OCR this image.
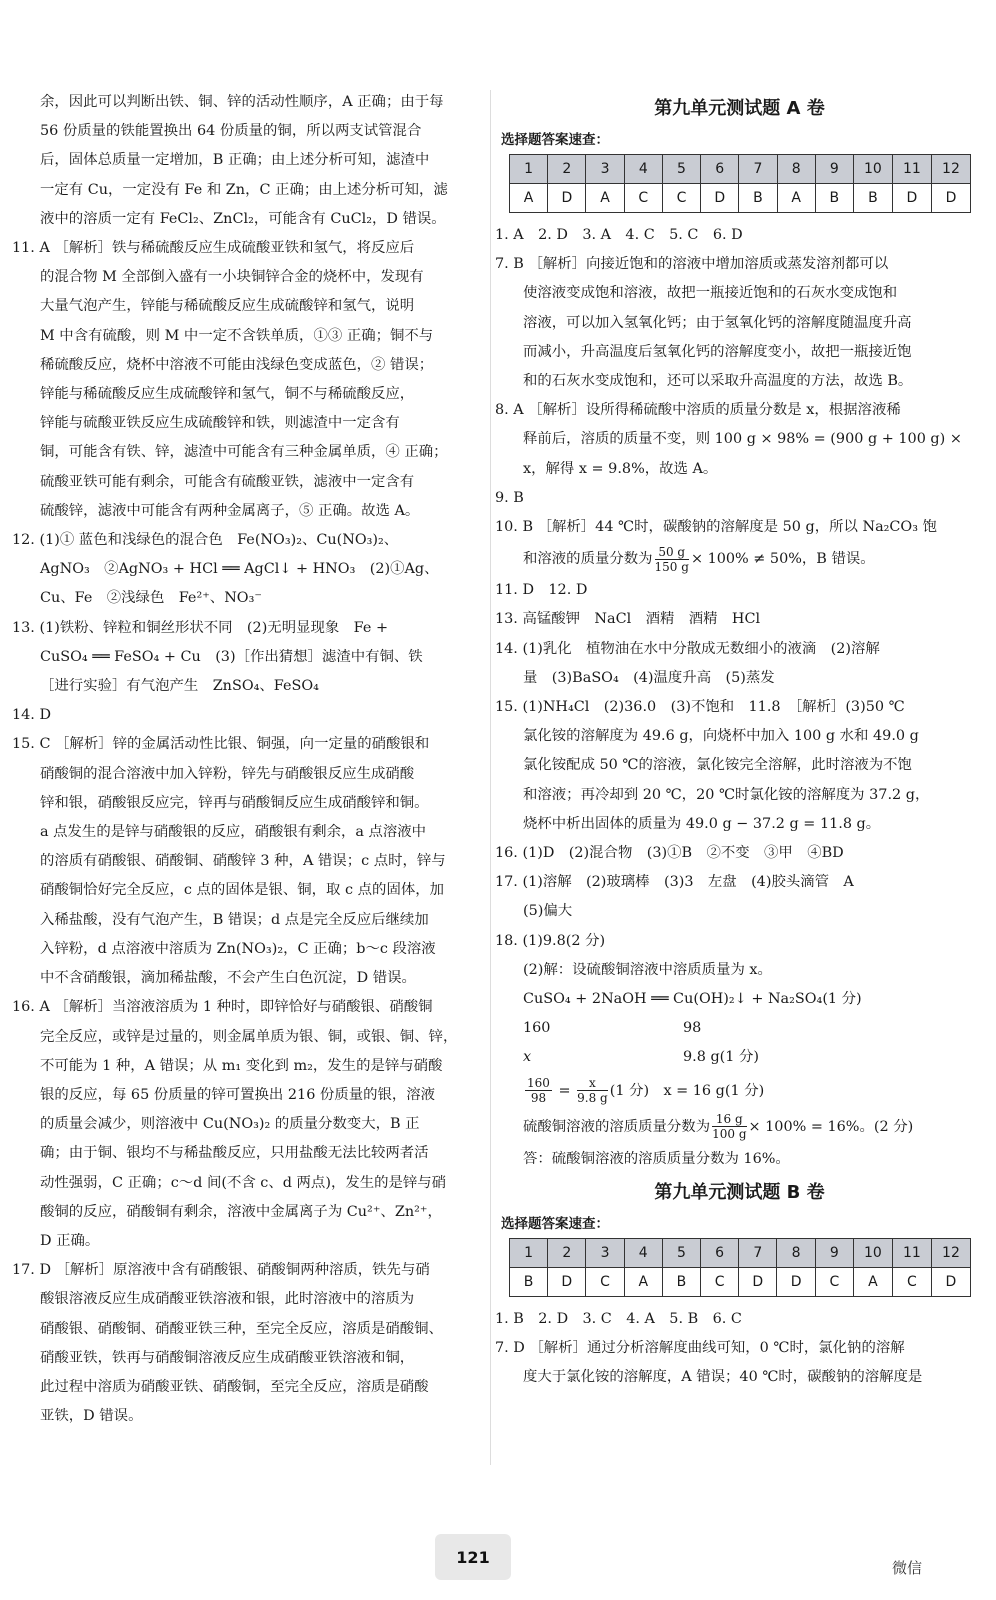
余，因此可以判断出铁、铜、锌的活动性顺序，A 正确；由于每

56 份质量的铁能置换出 64 份质量的铜，所以两支试管混合

后，固体总质量一定增加，B 正确；由上述分析可知，滤渣中

一定有 Cu，一定没有 Fe 和 Zn，C 正确；由上述分析可知，滤

液中的溶质一定有 FeCl₂、ZnCl₂，可能含有 CuCl₂，D 错误。

11. A ［解析］铁与稀硫酸反应生成硫酸亚铁和氢气，将反应后

的混合物 M 全部倒入盛有一小块铜锌合金的烧杯中，发现有

大量气泡产生，锌能与稀硫酸反应生成硫酸锌和氢气，说明

M 中含有硫酸，则 M 中一定不含铁单质，①③ 正确；铜不与

稀硫酸反应，烧杯中溶液不可能由浅绿色变成蓝色，② 错误；

锌能与稀硫酸反应生成硫酸锌和氢气，铜不与稀硫酸反应，

锌能与硫酸亚铁反应生成硫酸锌和铁，则滤渣中一定含有

铜，可能含有铁、锌，滤渣中可能含有三种金属单质，④ 正确；

硫酸亚铁可能有剩余，可能含有硫酸亚铁，滤液中一定含有

硫酸锌，滤液中可能含有两种金属离子，⑤ 正确。故选 A。

12. (1)① 蓝色和浅绿色的混合色　Fe(NO₃)₂、Cu(NO₃)₂、

AgNO₃　②AgNO₃ + HCl ══ AgCl↓ + HNO₃　(2)①Ag、

Cu、Fe　②浅绿色　Fe²⁺、NO₃⁻

13. (1)铁粉、锌粒和铜丝形状不同　(2)无明显现象　Fe +

CuSO₄ ══ FeSO₄ + Cu　(3)［作出猜想］滤渣中有铜、铁

［进行实验］有气泡产生　ZnSO₄、FeSO₄

14. D

15. C ［解析］锌的金属活动性比银、铜强，向一定量的硝酸银和

硝酸铜的混合溶液中加入锌粉，锌先与硝酸银反应生成硝酸

锌和银，硝酸银反应完，锌再与硝酸铜反应生成硝酸锌和铜。

a 点发生的是锌与硝酸银的反应，硝酸银有剩余，a 点溶液中

的溶质有硝酸银、硝酸铜、硝酸锌 3 种，A 错误；c 点时，锌与

硝酸铜恰好完全反应，c 点的固体是银、铜，取 c 点的固体，加

入稀盐酸，没有气泡产生，B 错误；d 点是完全反应后继续加

入锌粉，d 点溶液中溶质为 Zn(NO₃)₂，C 正确；b～c 段溶液

中不含硝酸银，滴加稀盐酸，不会产生白色沉淀，D 错误。

16. A ［解析］当溶液溶质为 1 种时，即锌恰好与硝酸银、硝酸铜

完全反应，或锌是过量的，则金属单质为银、铜，或银、铜、锌，

不可能为 1 种，A 错误；从 m₁ 变化到 m₂，发生的是锌与硝酸

银的反应，每 65 份质量的锌可置换出 216 份质量的银，溶液

的质量会减少，则溶液中 Cu(NO₃)₂ 的质量分数变大，B 正

确；由于铜、银均不与稀盐酸反应，只用盐酸无法比较两者活

动性强弱，C 正确；c～d 间(不含 c、d 两点)，发生的是锌与硝

酸铜的反应，硝酸铜有剩余，溶液中金属离子为 Cu²⁺、Zn²⁺，

D 正确。

17. D ［解析］原溶液中含有硝酸银、硝酸铜两种溶质，铁先与硝

酸银溶液反应生成硝酸亚铁溶液和银，此时溶液中的溶质为

硝酸银、硝酸铜、硝酸亚铁三种，至完全反应，溶质是硝酸铜、

硝酸亚铁，铁再与硝酸铜溶液反应生成硝酸亚铁溶液和铜，

此过程中溶质为硝酸亚铁、硝酸铜，至完全反应，溶质是硝酸

亚铁，D 错误。

第九单元测试题 A 卷
选择题答案速查：
1	2	3	4	5	6	7	8	9	10	11	12
A	D	A	C	C	D	B	A	B	B	D	D

1. A　2. D　3. A　4. C　5. C　6. D

7. B ［解析］向接近饱和的溶液中增加溶质或蒸发溶剂都可以

使溶液变成饱和溶液，故把一瓶接近饱和的石灰水变成饱和

溶液，可以加入氢氧化钙；由于氢氧化钙的溶解度随温度升高

而减小，升高温度后氢氧化钙的溶解度变小，故把一瓶接近饱

和的石灰水变成饱和，还可以采取升高温度的方法，故选 B。

8. A ［解析］设所得稀硫酸中溶质的质量分数是 x，根据溶液稀

释前后，溶质的质量不变，则 100 g × 98% = (900 g + 100 g) ×

x，解得 x = 9.8%，故选 A。

9. B

10. B ［解析］44 ℃时，碳酸钠的溶解度是 50 g，所以 Na₂CO₃ 饱

和溶液的质量分数为 $\frac{50 g}{150 g} \times 100\% \ne 50\%$，B 错误。

11. D　12. D

13. 高锰酸钾　NaCl　酒精　酒精　HCl

14. (1)乳化　植物油在水中分散成无数细小的液滴　(2)溶解

量　(3)BaSO₄　(4)温度升高　(5)蒸发

15. (1)NH₄Cl　(2)36.0　(3)不饱和　11.8　［解析］(3)50 ℃

氯化铵的溶解度为 49.6 g，向烧杯中加入 100 g 水和 49.0 g

氯化铵配成 50 ℃的溶液，氯化铵完全溶解，此时溶液为不饱

和溶液；再冷却到 20 ℃，20 ℃时氯化铵的溶解度为 37.2 g，

烧杯中析出固体的质量为 49.0 g − 37.2 g = 11.8 g。

16. (1)D　(2)混合物　(3)①B　②不变　③甲　④BD

17. (1)溶解　(2)玻璃棒　(3)3　左盘　(4)胶头滴管　A

(5)偏大

18. (1)9.8(2 分)

(2)解：设硫酸铜溶液中溶质质量为 x。

CuSO₄ + 2NaOH ══ Cu(OH)₂↓ + Na₂SO₄(1 分)

160	98

x	9.8 g(1 分)

$\frac{160}{98} = \frac{x}{9.8 g} (1$ 分)　x = 16 g(1 分)

硫酸铜溶液的溶质质量分数为 $\frac{16 g}{100 g} \times 100\% = 16\%$。(2 分)

答：硫酸铜溶液的溶质质量分数为 16%。

第九单元测试题 B 卷
选择题答案速查：
1	2	3	4	5	6	7	8	9	10	11	12
B	D	C	A	B	C	D	D	C	A	C	D

1. B　2. D　3. C　4. A　5. B　6. C

7. D ［解析］通过分析溶解度曲线可知，0 ℃时，氯化钠的溶解

度大于氯化铵的溶解度，A 错误；40 ℃时，碳酸钠的溶解度是

121
微信
